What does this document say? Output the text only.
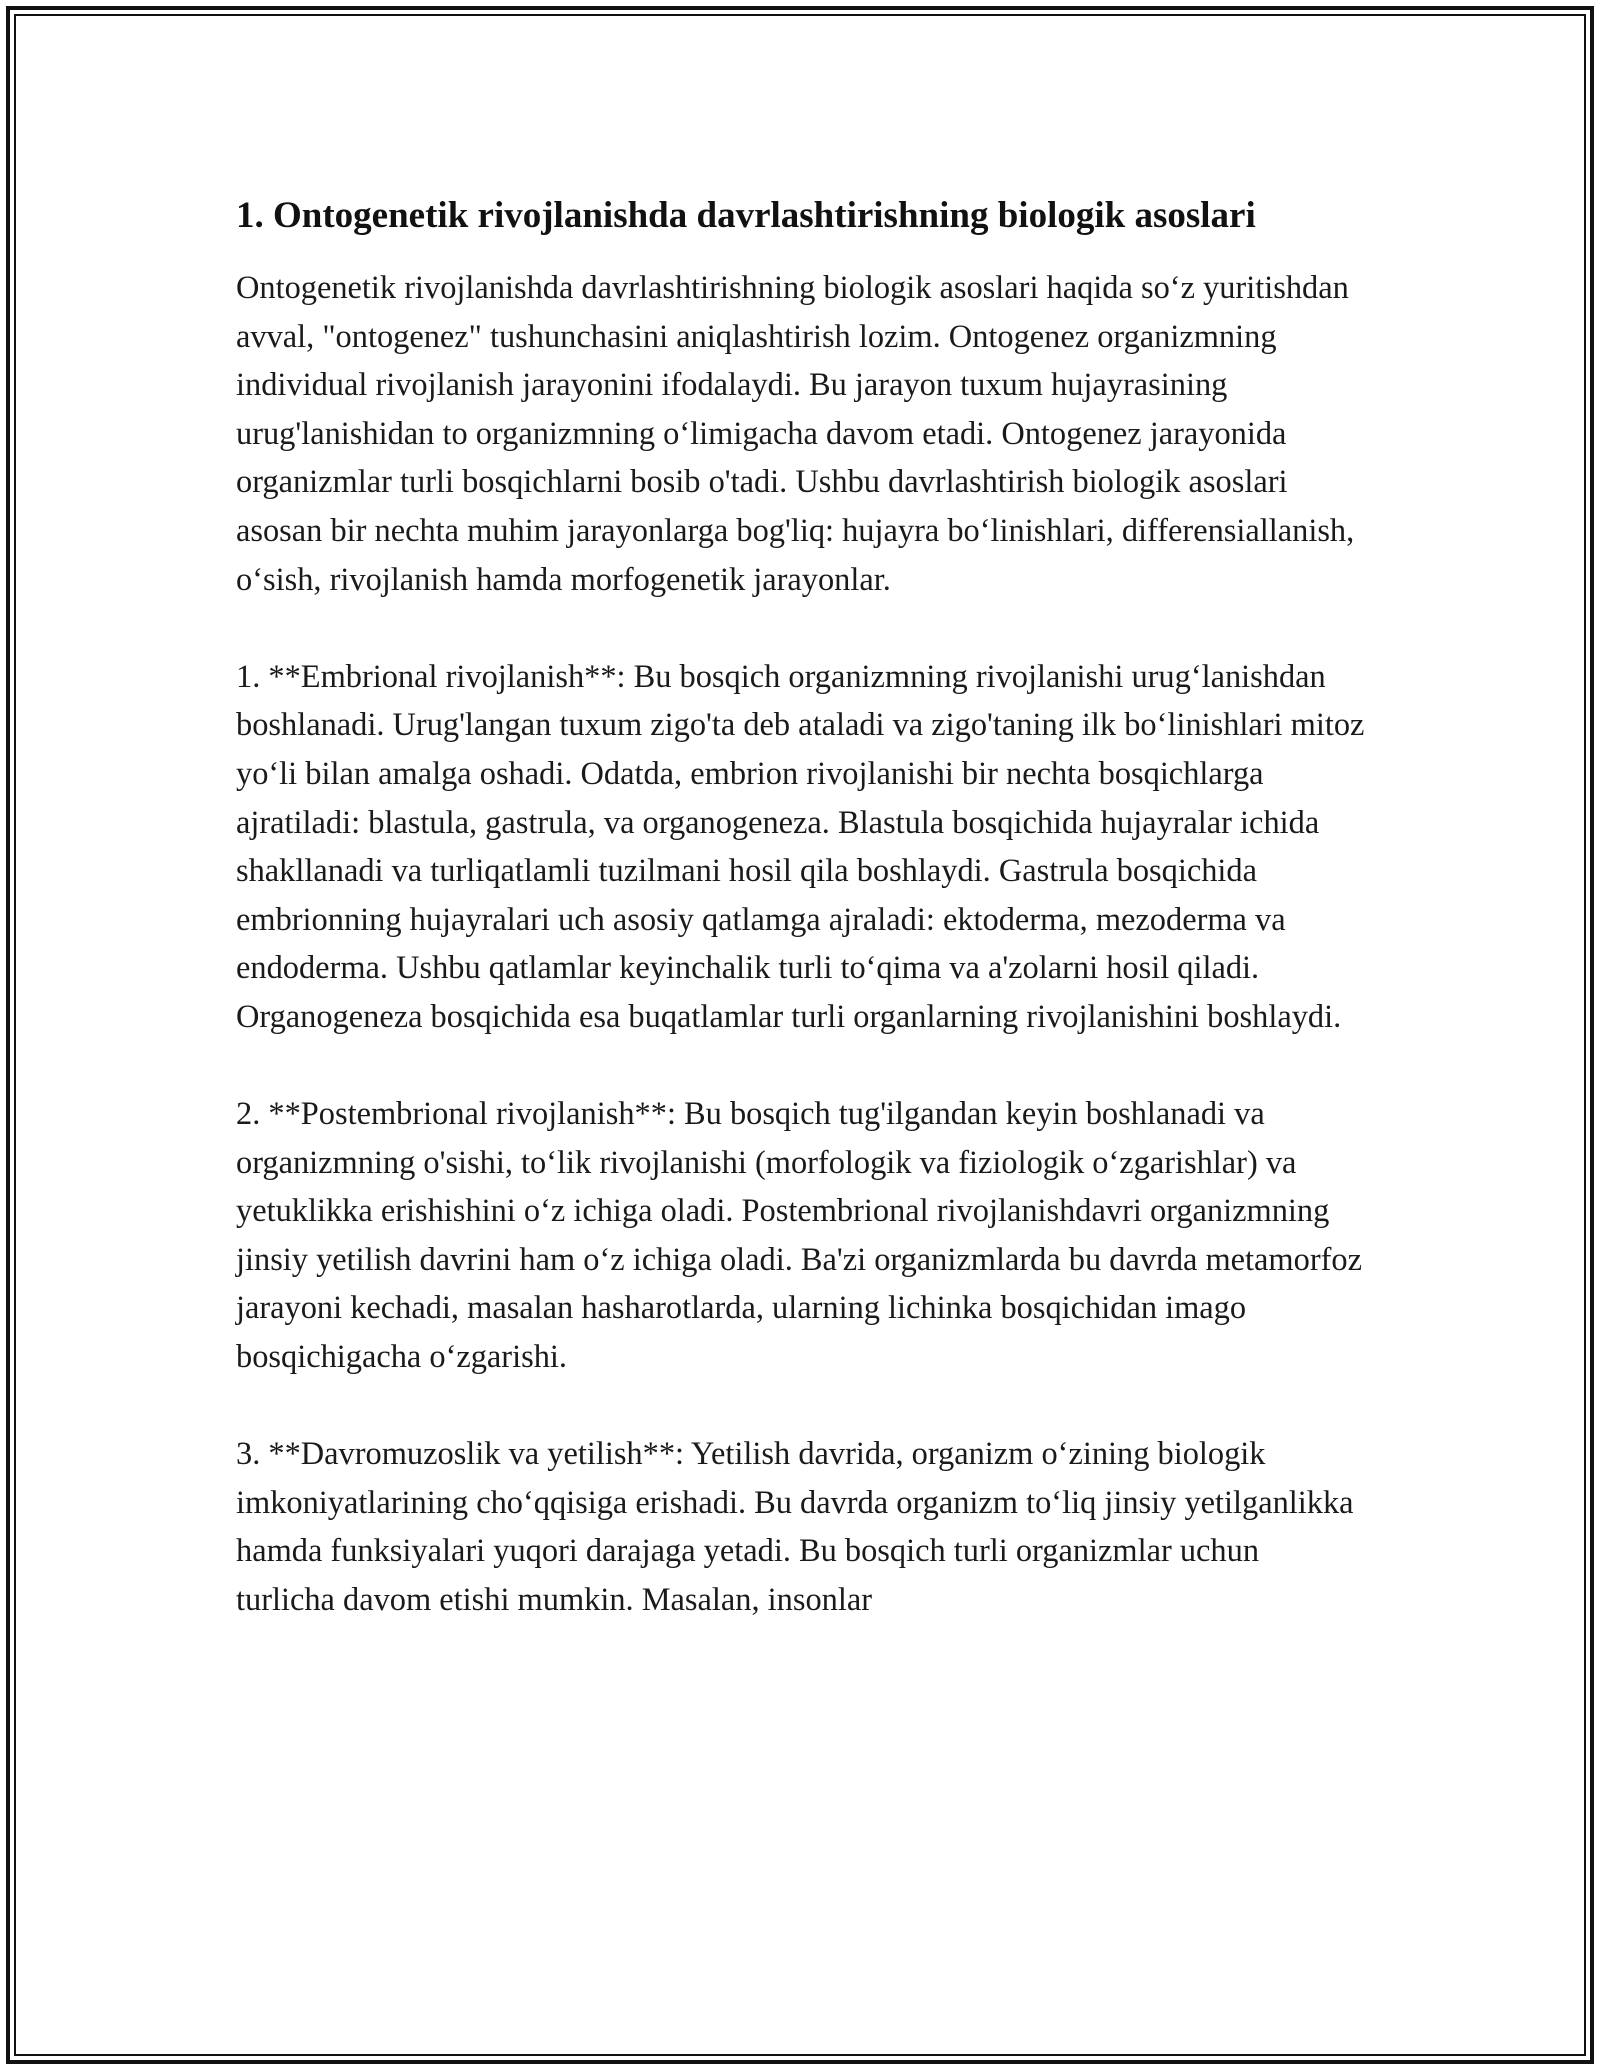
1. Ontogenetik rivojlanishda davrlashtirishning biologik asoslari

Ontogenetik rivojlanishda davrlashtirishning biologik asoslari haqida so‘z yuritishdan avval, "ontogenez" tushunchasini aniqlashtirish lozim. Ontogenez organizmning individual rivojlanish jarayonini ifodalaydi. Bu jarayon tuxum hujayrasining urug'lanishidan to organizmning o‘limigacha davom etadi. Ontogenez jarayonida organizmlar turli bosqichlarni bosib o'tadi. Ushbu davrlashtirish biologik asoslari asosan bir nechta muhim jarayonlarga bog'liq: hujayra bo‘linishlari, differensiallanish, o‘sish, rivojlanish hamda morfogenetik jarayonlar.

1. **Embrional rivojlanish**: Bu bosqich organizmning rivojlanishi urug‘lanishdan boshlanadi. Urug'langan tuxum zigo'ta deb ataladi va zigo'taning ilk bo‘linishlari mitoz yo‘li bilan amalga oshadi. Odatda, embrion rivojlanishi bir nechta bosqichlarga ajratiladi: blastula, gastrula, va organogeneza. Blastula bosqichida hujayralar ichida shakllanadi va turliqatlamli tuzilmani hosil qila boshlaydi. Gastrula bosqichida embrionning hujayralari uch asosiy qatlamga ajraladi: ektoderma, mezoderma va endoderma. Ushbu qatlamlar keyinchalik turli to‘qima va a'zolarni hosil qiladi. Organogeneza bosqichida esa buqatlamlar turli organlarning rivojlanishini boshlaydi.

2. **Postembrional rivojlanish**: Bu bosqich tug'ilgandan keyin boshlanadi va organizmning o'sishi, to‘lik rivojlanishi (morfologik va fiziologik o‘zgarishlar) va yetuklikka erishishini o‘z ichiga oladi. Postembrional rivojlanishdavri organizmning jinsiy yetilish davrini ham o‘z ichiga oladi. Ba'zi organizmlarda bu davrda metamorfoz jarayoni kechadi, masalan hasharotlarda, ularning lichinka bosqichidan imago bosqichigacha o‘zgarishi.

3. **Davromuzoslik va yetilish**: Yetilish davrida, organizm o‘zining biologik imkoniyatlarining cho‘qqisiga erishadi. Bu davrda organizm to‘liq jinsiy yetilganlikka hamda funksiyalari yuqori darajaga yetadi. Bu bosqich turli organizmlar uchun turlicha davom etishi mumkin. Masalan, insonlar
